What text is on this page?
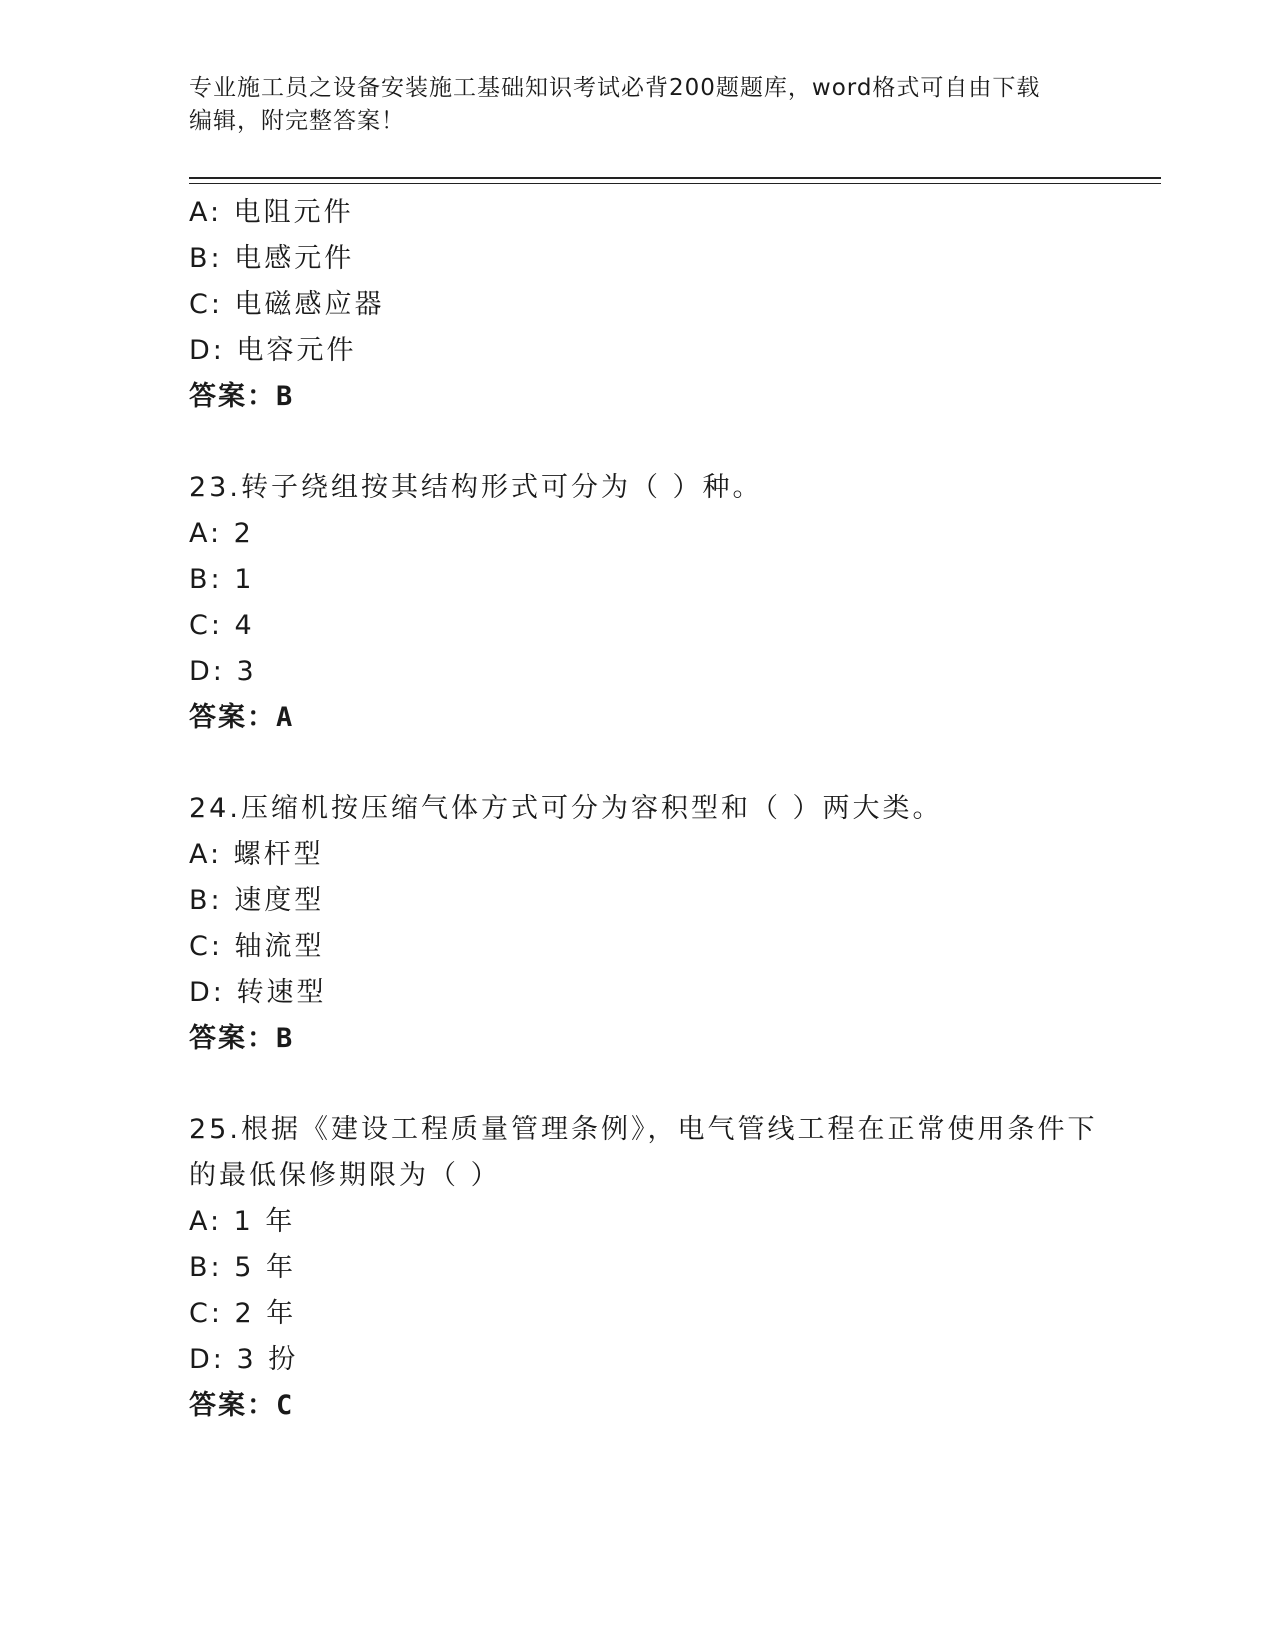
专业施工员之设备安装施工基础知识考试必背200题题库，word格式可自由下载
编辑，附完整答案！
A: 电阻元件
B: 电感元件
C: 电磁感应器
D: 电容元件
答案：B
23.转子绕组按其结构形式可分为（ ）种。
A: 2
B: 1
C: 4
D: 3
答案：A
24.压缩机按压缩气体方式可分为容积型和（ ）两大类。
A: 螺杆型
B: 速度型
C: 轴流型
D: 转速型
答案：B
25.根据《建设工程质量管理条例》，电气管线工程在正常使用条件下
的最低保修期限为（ ）
A: 1 年
B: 5 年
C: 2 年
D: 3 扮
答案：C
